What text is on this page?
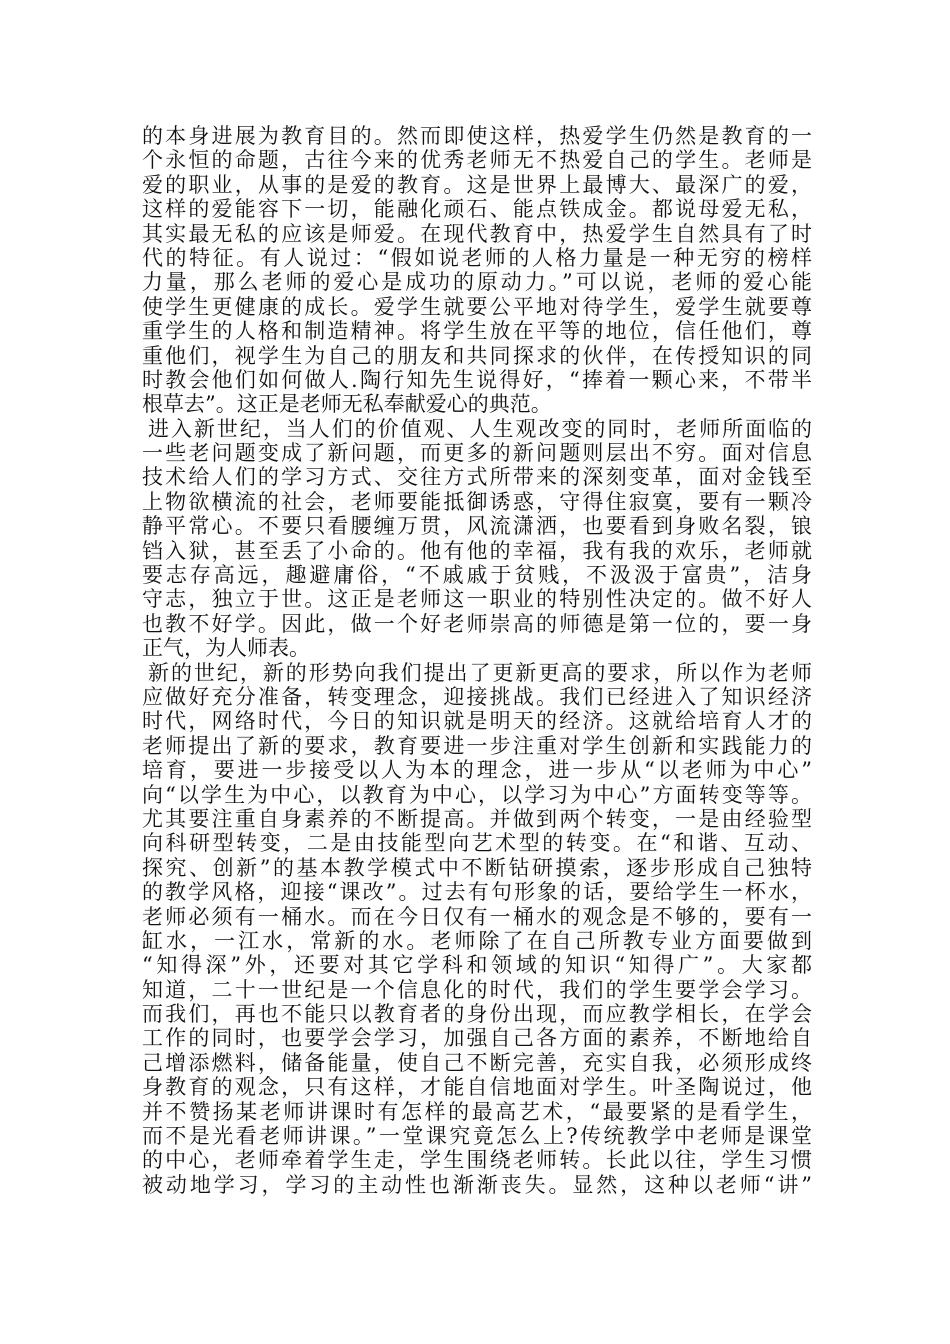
的本身进展为教育目的。然而即使这样，热爱学生仍然是教育的一
个永恒的命题，古往今来的优秀老师无不热爱自己的学生。老师是
爱的职业，从事的是爱的教育。这是世界上最博大、最深广的爱，
这样的爱能容下一切，能融化顽石、能点铁成金。都说母爱无私，
其实最无私的应该是师爱。在现代教育中，热爱学生自然具有了时
代的特征。有人说过：“假如说老师的人格力量是一种无穷的榜样
力量，那么老师的爱心是成功的原动力。”可以说，老师的爱心能
使学生更健康的成长。爱学生就要公平地对待学生，爱学生就要尊
重学生的人格和制造精神。将学生放在平等的地位，信任他们，尊
重他们，视学生为自己的朋友和共同探求的伙伴，在传授知识的同
时教会他们如何做人.陶行知先生说得好，“捧着一颗心来，不带半
根草去”。这正是老师无私奉献爱心的典范。
进入新世纪，当人们的价值观、人生观改变的同时，老师所面临的
一些老问题变成了新问题，而更多的新问题则层出不穷。面对信息
技术给人们的学习方式、交往方式所带来的深刻变革，面对金钱至
上物欲横流的社会，老师要能抵御诱惑，守得住寂寞，要有一颗冷
静平常心。不要只看腰缠万贯，风流潇洒，也要看到身败名裂，锒
铛入狱，甚至丢了小命的。他有他的幸福，我有我的欢乐，老师就
要志存高远，趣避庸俗，“不戚戚于贫贱，不汲汲于富贵”，洁身
守志，独立于世。这正是老师这一职业的特别性决定的。做不好人
也教不好学。因此，做一个好老师崇高的师德是第一位的，要一身
正气，为人师表。
新的世纪，新的形势向我们提出了更新更高的要求，所以作为老师
应做好充分准备，转变理念，迎接挑战。我们已经进入了知识经济
时代，网络时代，今日的知识就是明天的经济。这就给培育人才的
老师提出了新的要求，教育要进一步注重对学生创新和实践能力的
培育，要进一步接受以人为本的理念，进一步从“以老师为中心”
向“以学生为中心，以教育为中心，以学习为中心”方面转变等等。
尤其要注重自身素养的不断提高。并做到两个转变，一是由经验型
向科研型转变，二是由技能型向艺术型的转变。在“和谐、互动、
探究、创新”的基本教学模式中不断钻研摸索，逐步形成自己独特
的教学风格，迎接“课改”。过去有句形象的话，要给学生一杯水，
老师必须有一桶水。而在今日仅有一桶水的观念是不够的，要有一
缸水，一江水，常新的水。老师除了在自己所教专业方面要做到
“知得深”外，还要对其它学科和领域的知识“知得广”。大家都
知道，二十一世纪是一个信息化的时代，我们的学生要学会学习。
而我们，再也不能只以教育者的身份出现，而应教学相长，在学会
工作的同时，也要学会学习，加强自己各方面的素养，不断地给自
己增添燃料，储备能量，使自己不断完善，充实自我，必须形成终
身教育的观念，只有这样，才能自信地面对学生。叶圣陶说过，他
并不赞扬某老师讲课时有怎样的最高艺术，“最要紧的是看学生，
而不是光看老师讲课。”一堂课究竟怎么上?传统教学中老师是课堂
的中心，老师牵着学生走，学生围绕老师转。长此以往，学生习惯
被动地学习，学习的主动性也渐渐丧失。显然，这种以老师“讲”
